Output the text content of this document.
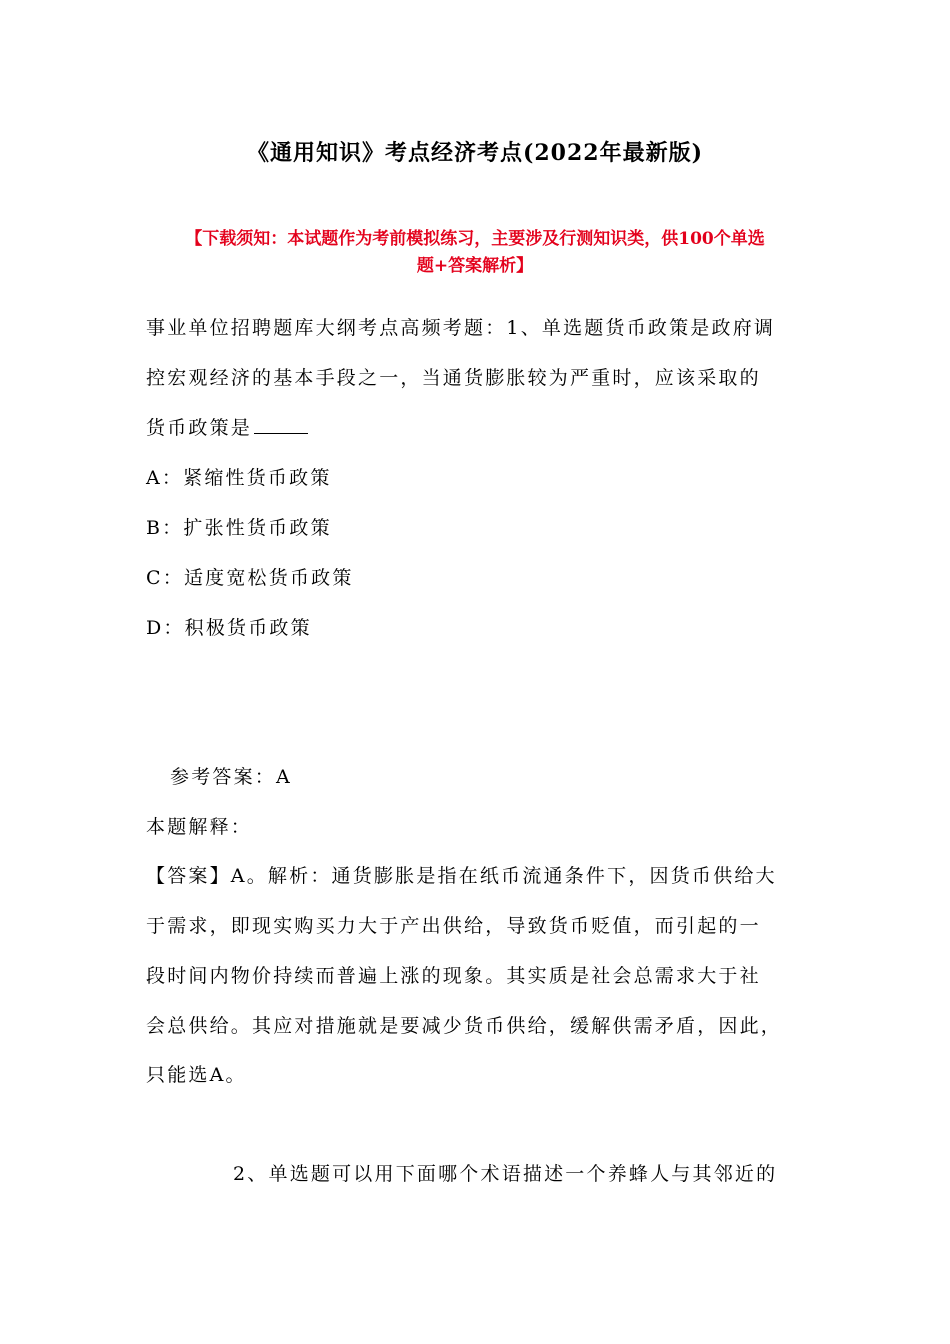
《通用知识》考点经济考点(2022年最新版)
【下载须知：本试题作为考前模拟练习，主要涉及行测知识类，供100个单选
题+答案解析】
事业单位招聘题库大纲考点高频考题：1、单选题货币政策是政府调
控宏观经济的基本手段之一，当通货膨胀较为严重时，应该采取的
货币政策是
A：紧缩性货币政策
B：扩张性货币政策
C：适度宽松货币政策
D：积极货币政策
参考答案：A
本题解释：
【答案】A。解析：通货膨胀是指在纸币流通条件下，因货币供给大
于需求，即现实购买力大于产出供给，导致货币贬值，而引起的一
段时间内物价持续而普遍上涨的现象。其实质是社会总需求大于社
会总供给。其应对措施就是要减少货币供给，缓解供需矛盾，因此，
只能选A。
2、单选题可以用下面哪个术语描述一个养蜂人与其邻近的
